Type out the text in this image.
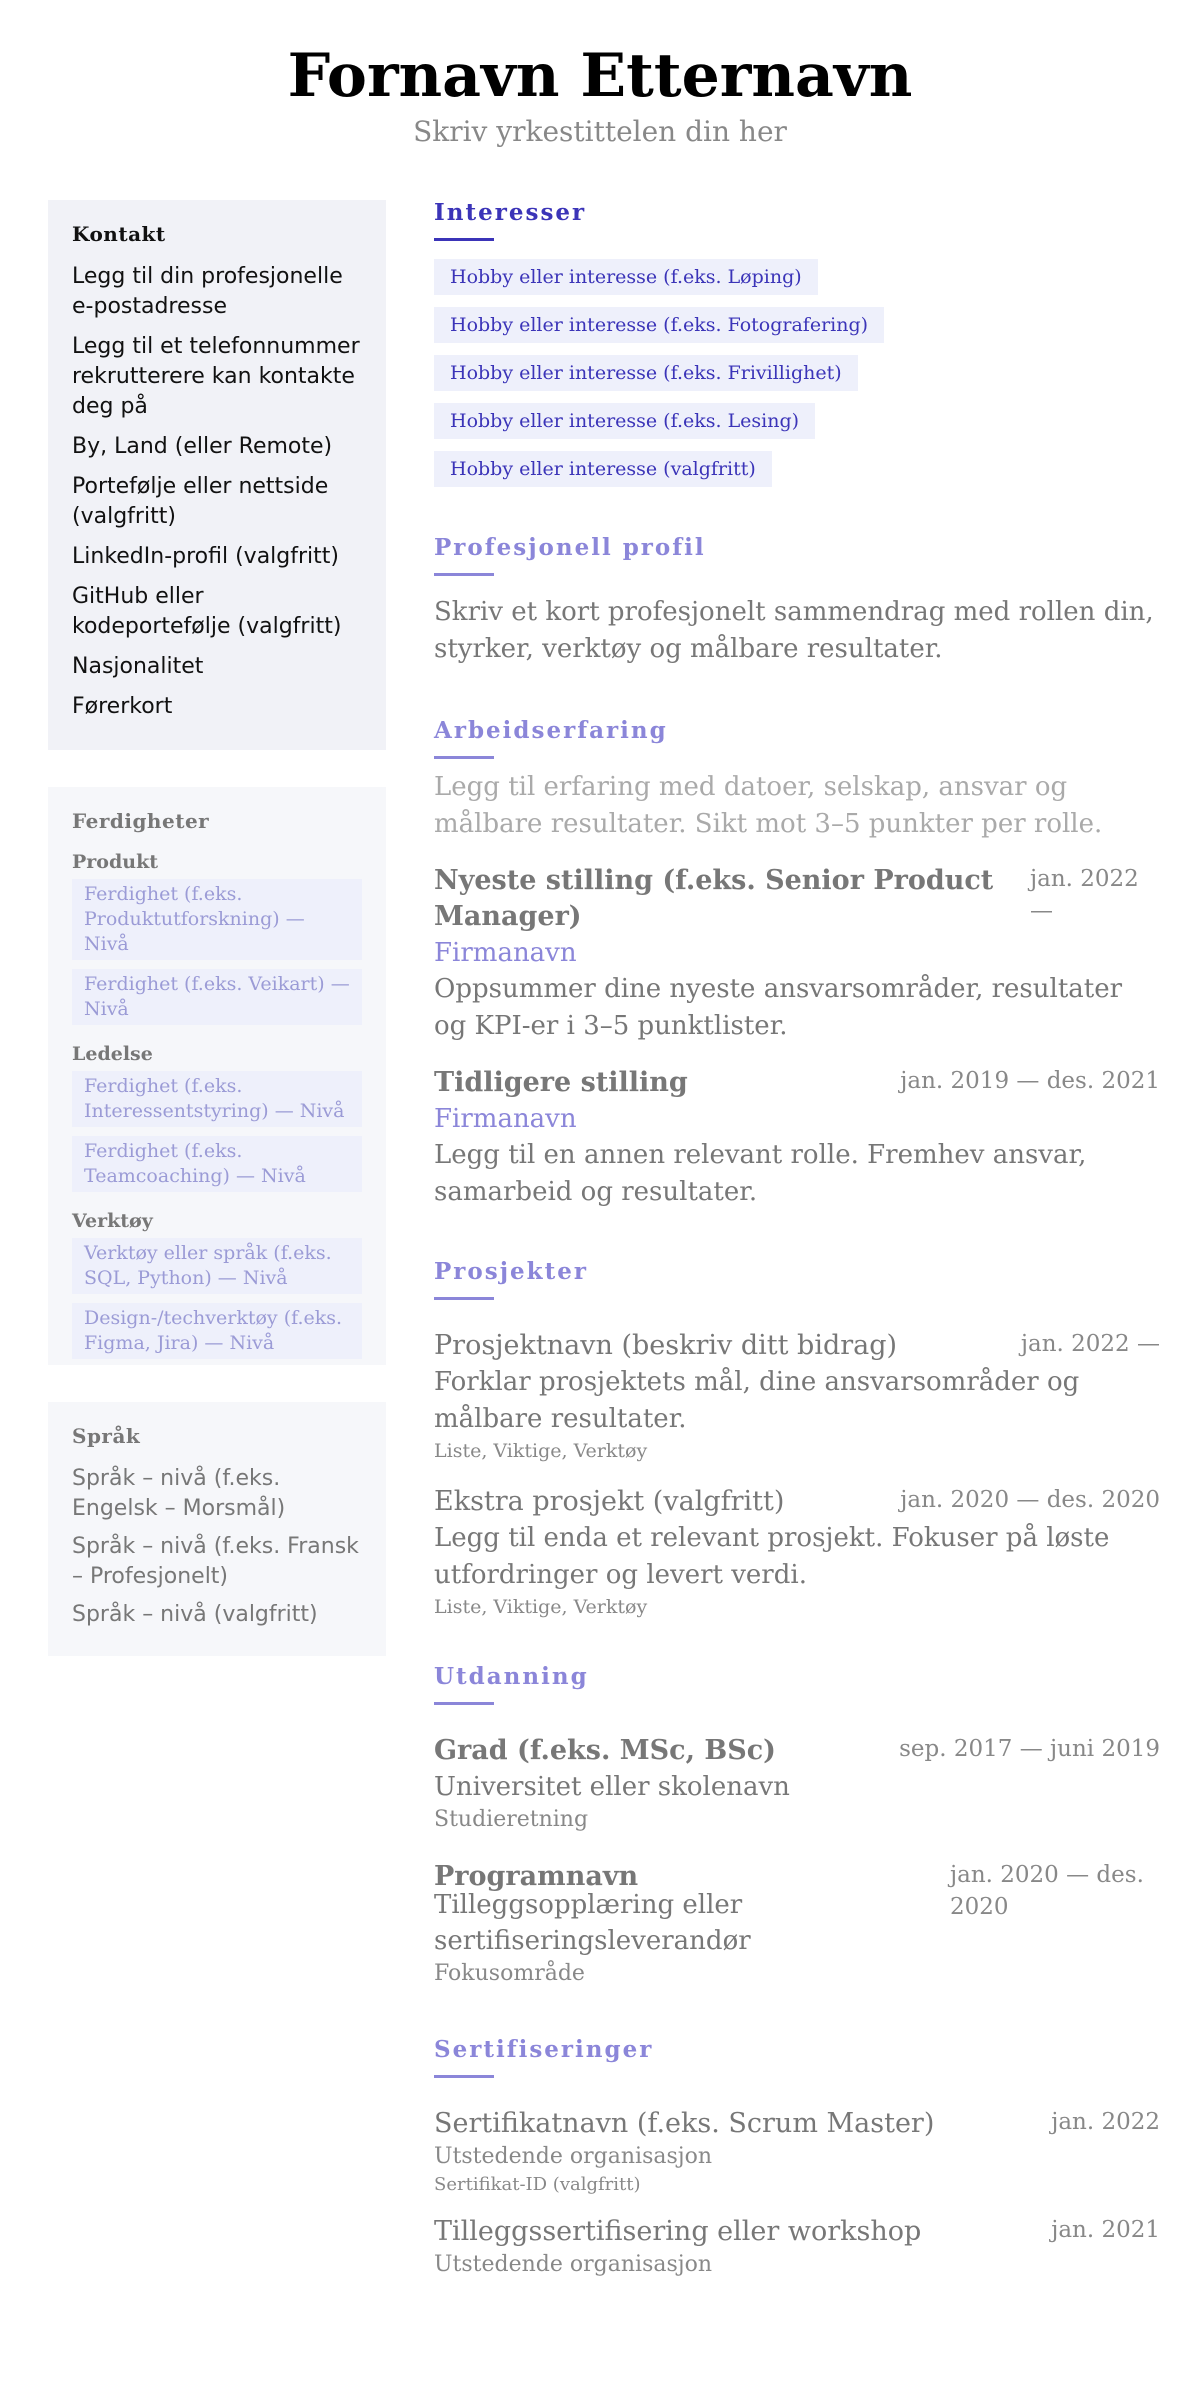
Fornavn Etternavn
Skriv yrkestittelen din her
Kontakt
Legg til din profesjonelle e-postadresse
Legg til et telefonnummer rekrutterere kan kontakte deg på
By, Land (eller Remote)
Portefølje eller nettside (valgfritt)
LinkedIn-profil (valgfritt)
GitHub eller kodeportefølje (valgfritt)
Nasjonalitet
Førerkort
Ferdigheter
Produkt
Ferdighet (f.eks. Produktutforskning) — Nivå
Ferdighet (f.eks. Veikart) — Nivå
Ledelse
Ferdighet (f.eks. Interessentstyring) — Nivå
Ferdighet (f.eks. Teamcoaching) — Nivå
Verktøy
Verktøy eller språk (f.eks. SQL, Python) — Nivå
Design-/techverktøy (f.eks. Figma, Jira) — Nivå
Språk
Språk – nivå (f.eks. Engelsk – Morsmål)
Språk – nivå (f.eks. Fransk – Profesjonelt)
Språk – nivå (valgfritt)
Interesser
Hobby eller interesse (f.eks. Løping)
Hobby eller interesse (f.eks. Fotografering)
Hobby eller interesse (f.eks. Frivillighet)
Hobby eller interesse (f.eks. Lesing)
Hobby eller interesse (valgfritt)
Profesjonell profil
Skriv et kort profesjonelt sammendrag med rollen din, styrker, verktøy og målbare resultater.
Arbeidserfaring
Legg til erfaring med datoer, selskap, ansvar og målbare resultater. Sikt mot 3–5 punkter per rolle.
Nyeste stilling (f.eks. Senior Product Manager)
jan. 2022 —
Firmanavn
Oppsummer dine nyeste ansvarsområder, resultater og KPI-er i 3–5 punktlister.
Tidligere stilling	jan. 2019 — des. 2021
Firmanavn
Legg til en annen relevant rolle. Fremhev ansvar, samarbeid og resultater.
Prosjekter
Prosjektnavn (beskriv ditt bidrag)	jan. 2022 —
Forklar prosjektets mål, dine ansvarsområder og målbare resultater.
Liste, Viktige, Verktøy
Ekstra prosjekt (valgfritt)	jan. 2020 — des. 2020
Legg til enda et relevant prosjekt. Fokuser på løste utfordringer og levert verdi.
Liste, Viktige, Verktøy
Utdanning
Grad (f.eks. MSc, BSc)	sep. 2017 — juni 2019
Universitet eller skolenavn
Studieretning
Programnavn	jan. 2020 — des. 2020
Tilleggsopplæring eller sertifiseringsleverandør
Fokusområde
Sertifiseringer
Sertifikatnavn (f.eks. Scrum Master)	jan. 2022
Utstedende organisasjon
Sertifikat-ID (valgfritt)
Tilleggssertifisering eller workshop	jan. 2021
Utstedende organisasjon
